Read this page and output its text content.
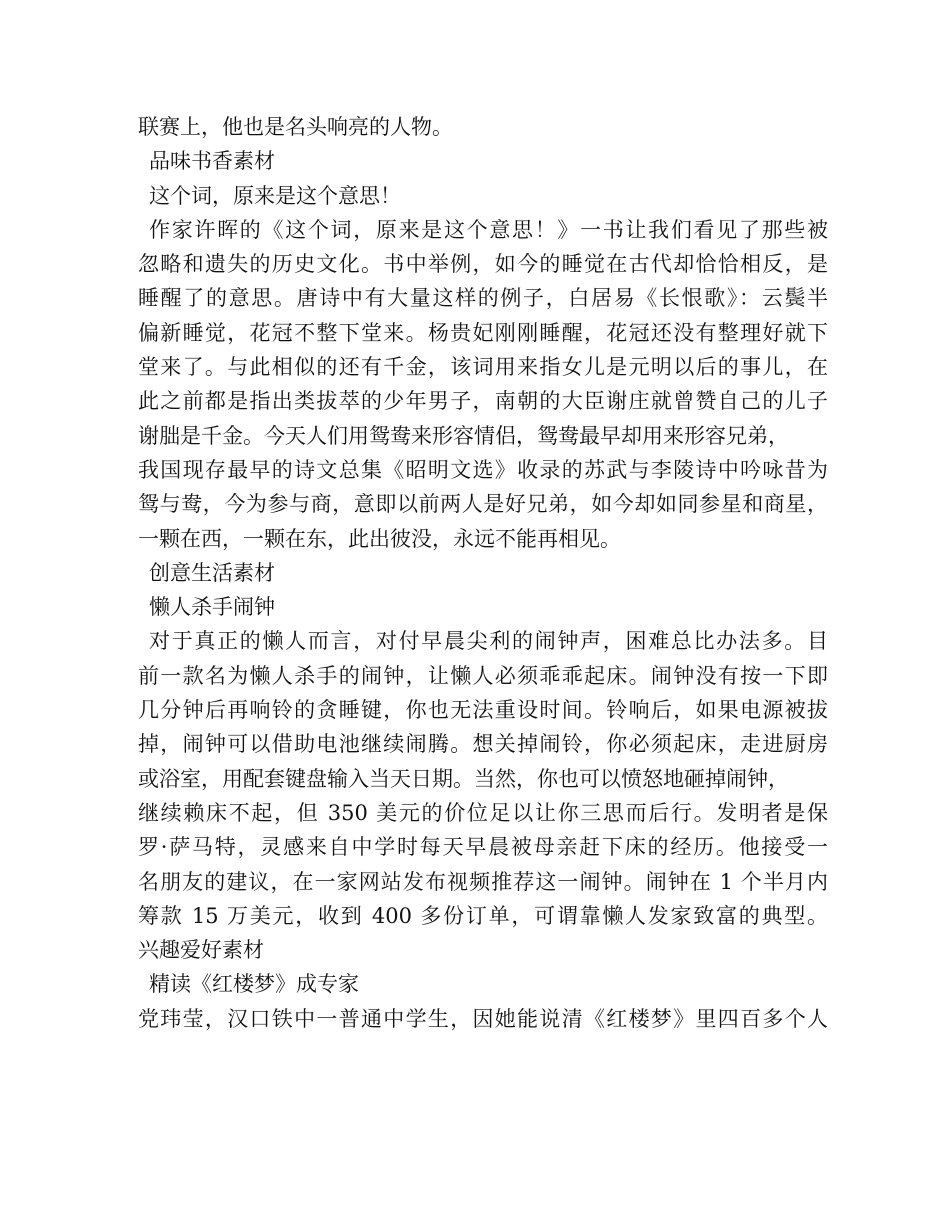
联赛上，他也是名头响亮的人物。
品味书香素材
这个词，原来是这个意思！
作家许晖的《这个词，原来是这个意思！》一书让我们看见了那些被
忽略和遗失的历史文化。书中举例，如今的睡觉在古代却恰恰相反，是
睡醒了的意思。唐诗中有大量这样的例子，白居易《长恨歌》：云鬓半
偏新睡觉，花冠不整下堂来。杨贵妃刚刚睡醒，花冠还没有整理好就下
堂来了。与此相似的还有千金，该词用来指女儿是元明以后的事儿，在
此之前都是指出类拔萃的少年男子，南朝的大臣谢庄就曾赞自己的儿子
谢朏是千金。今天人们用鸳鸯来形容情侣，鸳鸯最早却用来形容兄弟，
我国现存最早的诗文总集《昭明文选》收录的苏武与李陵诗中吟咏昔为
鸳与鸯，今为参与商，意即以前两人是好兄弟，如今却如同参星和商星，
一颗在西，一颗在东，此出彼没，永远不能再相见。
创意生活素材
懒人杀手闹钟
对于真正的懒人而言，对付早晨尖利的闹钟声，困难总比办法多。目
前一款名为懒人杀手的闹钟，让懒人必须乖乖起床。闹钟没有按一下即
几分钟后再响铃的贪睡键，你也无法重设时间。铃响后，如果电源被拔
掉，闹钟可以借助电池继续闹腾。想关掉闹铃，你必须起床，走进厨房
或浴室，用配套键盘输入当天日期。当然，你也可以愤怒地砸掉闹钟，
继续赖床不起，但 350 美元的价位足以让你三思而后行。发明者是保
罗·萨马特，灵感来自中学时每天早晨被母亲赶下床的经历。他接受一
名朋友的建议，在一家网站发布视频推荐这一闹钟。闹钟在 1 个半月内
筹款 15 万美元，收到 400 多份订单，可谓靠懒人发家致富的典型。
兴趣爱好素材
精读《红楼梦》成专家
党玮莹，汉口铁中一普通中学生，因她能说清《红楼梦》里四百多个人
